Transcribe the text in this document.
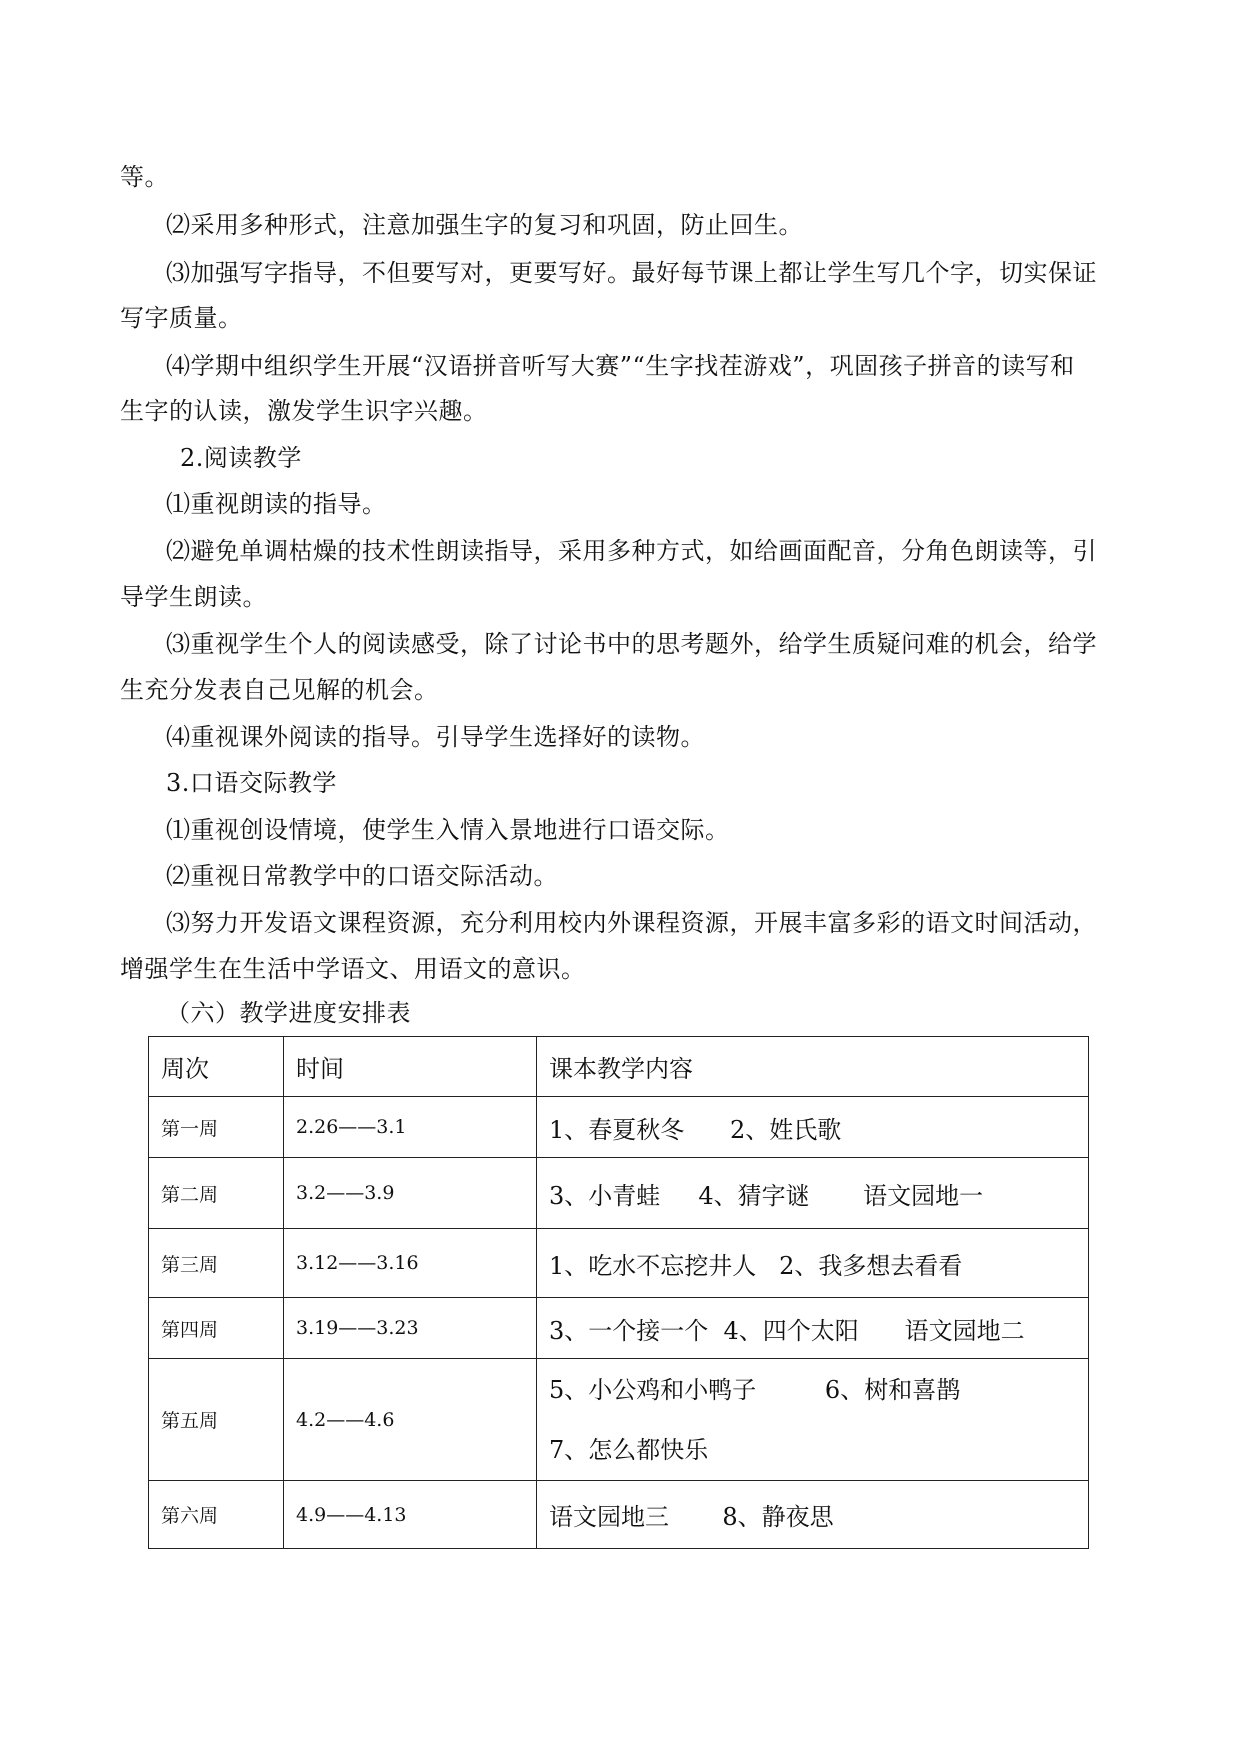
等。
⑵采用多种形式，注意加强生字的复习和巩固，防止回生。
⑶加强写字指导，不但要写对，更要写好。最好每节课上都让学生写几个字，切实保证
写字质量。
⑷学期中组织学生开展“汉语拼音听写大赛”“生字找茬游戏”，巩固孩子拼音的读写和
生字的认读，激发学生识字兴趣。
2.阅读教学
⑴重视朗读的指导。
⑵避免单调枯燥的技术性朗读指导，采用多种方式，如给画面配音，分角色朗读等，引
导学生朗读。
⑶重视学生个人的阅读感受，除了讨论书中的思考题外，给学生质疑问难的机会，给学
生充分发表自己见解的机会。
⑷重视课外阅读的指导。引导学生选择好的读物。
3.口语交际教学
⑴重视创设情境，使学生入情入景地进行口语交际。
⑵重视日常教学中的口语交际活动。
⑶努力开发语文课程资源，充分利用校内外课程资源，开展丰富多彩的语文时间活动，
增强学生在生活中学语文、用语文的意识。
（六）教学进度安排表
周次	时间	课本教学内容
第一周	2.26——3.1	1、春夏秋冬      2、姓氏歌
第二周	3.2——3.9	3、小青蛙     4、猜字谜       语文园地一
第三周	3.12——3.16	1、吃水不忘挖井人   2、我多想去看看
第四周	3.19——3.23	3、一个接一个  4、四个太阳      语文园地二
第五周	4.2——4.6	5、小公鸡和小鸭子         6、树和喜鹊
7、怎么都快乐

第六周	4.9——4.13	语文园地三       8、静夜思
